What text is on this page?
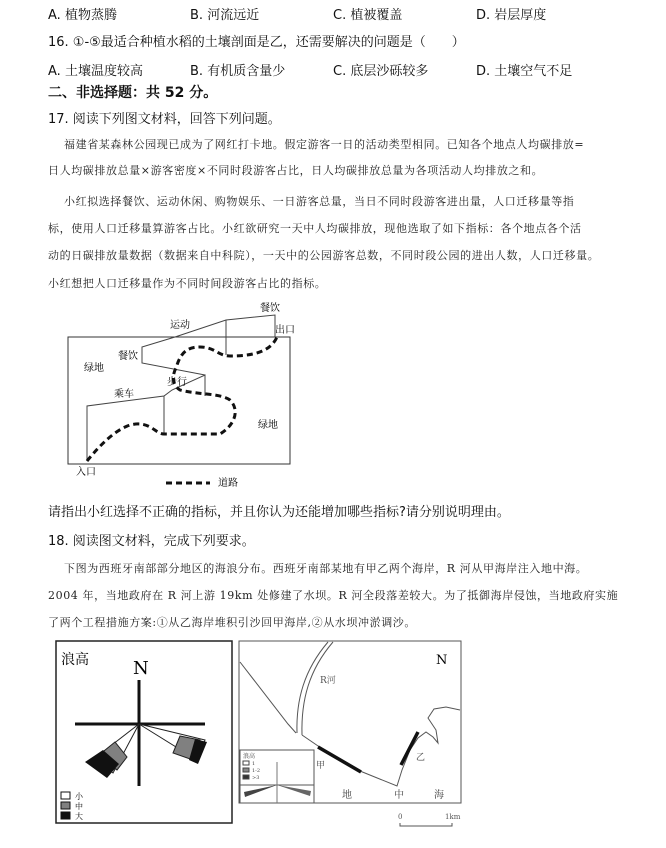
A. 植物蒸腾	B. 河流远近	C. 植被覆盖	D. 岩层厚度
16. ①-⑤最适合种植水稻的土壤剖面是乙，还需要解决的问题是（　　）
A. 土壤温度较高	B. 有机质含量少	C. 底层沙砾较多	D. 土壤空气不足
二、非选择题：共 52 分。
17. 阅读下列图文材料，回答下列问题。
福建省某森林公园现已成为了网红打卡地。假定游客一日的活动类型相同。已知各个地点人均碳排放=
日人均碳排放总量×游客密度×不同时段游客占比，日人均碳排放总量为各项活动人均排放之和。
小红拟选择餐饮、运动休闲、购物娱乐、一日游客总量，当日不同时段游客进出量，人口迁移量等指
标，使用人口迁移量算游客占比。小红欲研究一天中人均碳排放，现他选取了如下指标：各个地点各个活
动的日碳排放量数据（数据来自中科院），一天中的公园游客总数，不同时段公园的进出人数，人口迁移量。
小红想把人口迁移量作为不同时间段游客占比的指标。
餐饮
运动	出口
餐饮
绿地
步行
乘车
绿地
入口
道路
请指出小红选择不正确的指标，并且你认为还能增加哪些指标?请分别说明理由。
18. 阅读图文材料，完成下列要求。
下图为西班牙南部部分地区的海浪分布。西班牙南部某地有甲乙两个海岸，R 河从甲海岸注入地中海。
2004 年，当地政府在 R 河上游 19km 处修建了水坝。R 河全段落差较大。为了抵御海岸侵蚀，当地政府实施
了两个工程措施方案:①从乙海岸堆积引沙回甲海岸,②从水坝冲淤调沙。
浪高 N
小
中
大
N
R河
甲
乙
地	中	海
浪高
1
1-2
>3
0	1km
